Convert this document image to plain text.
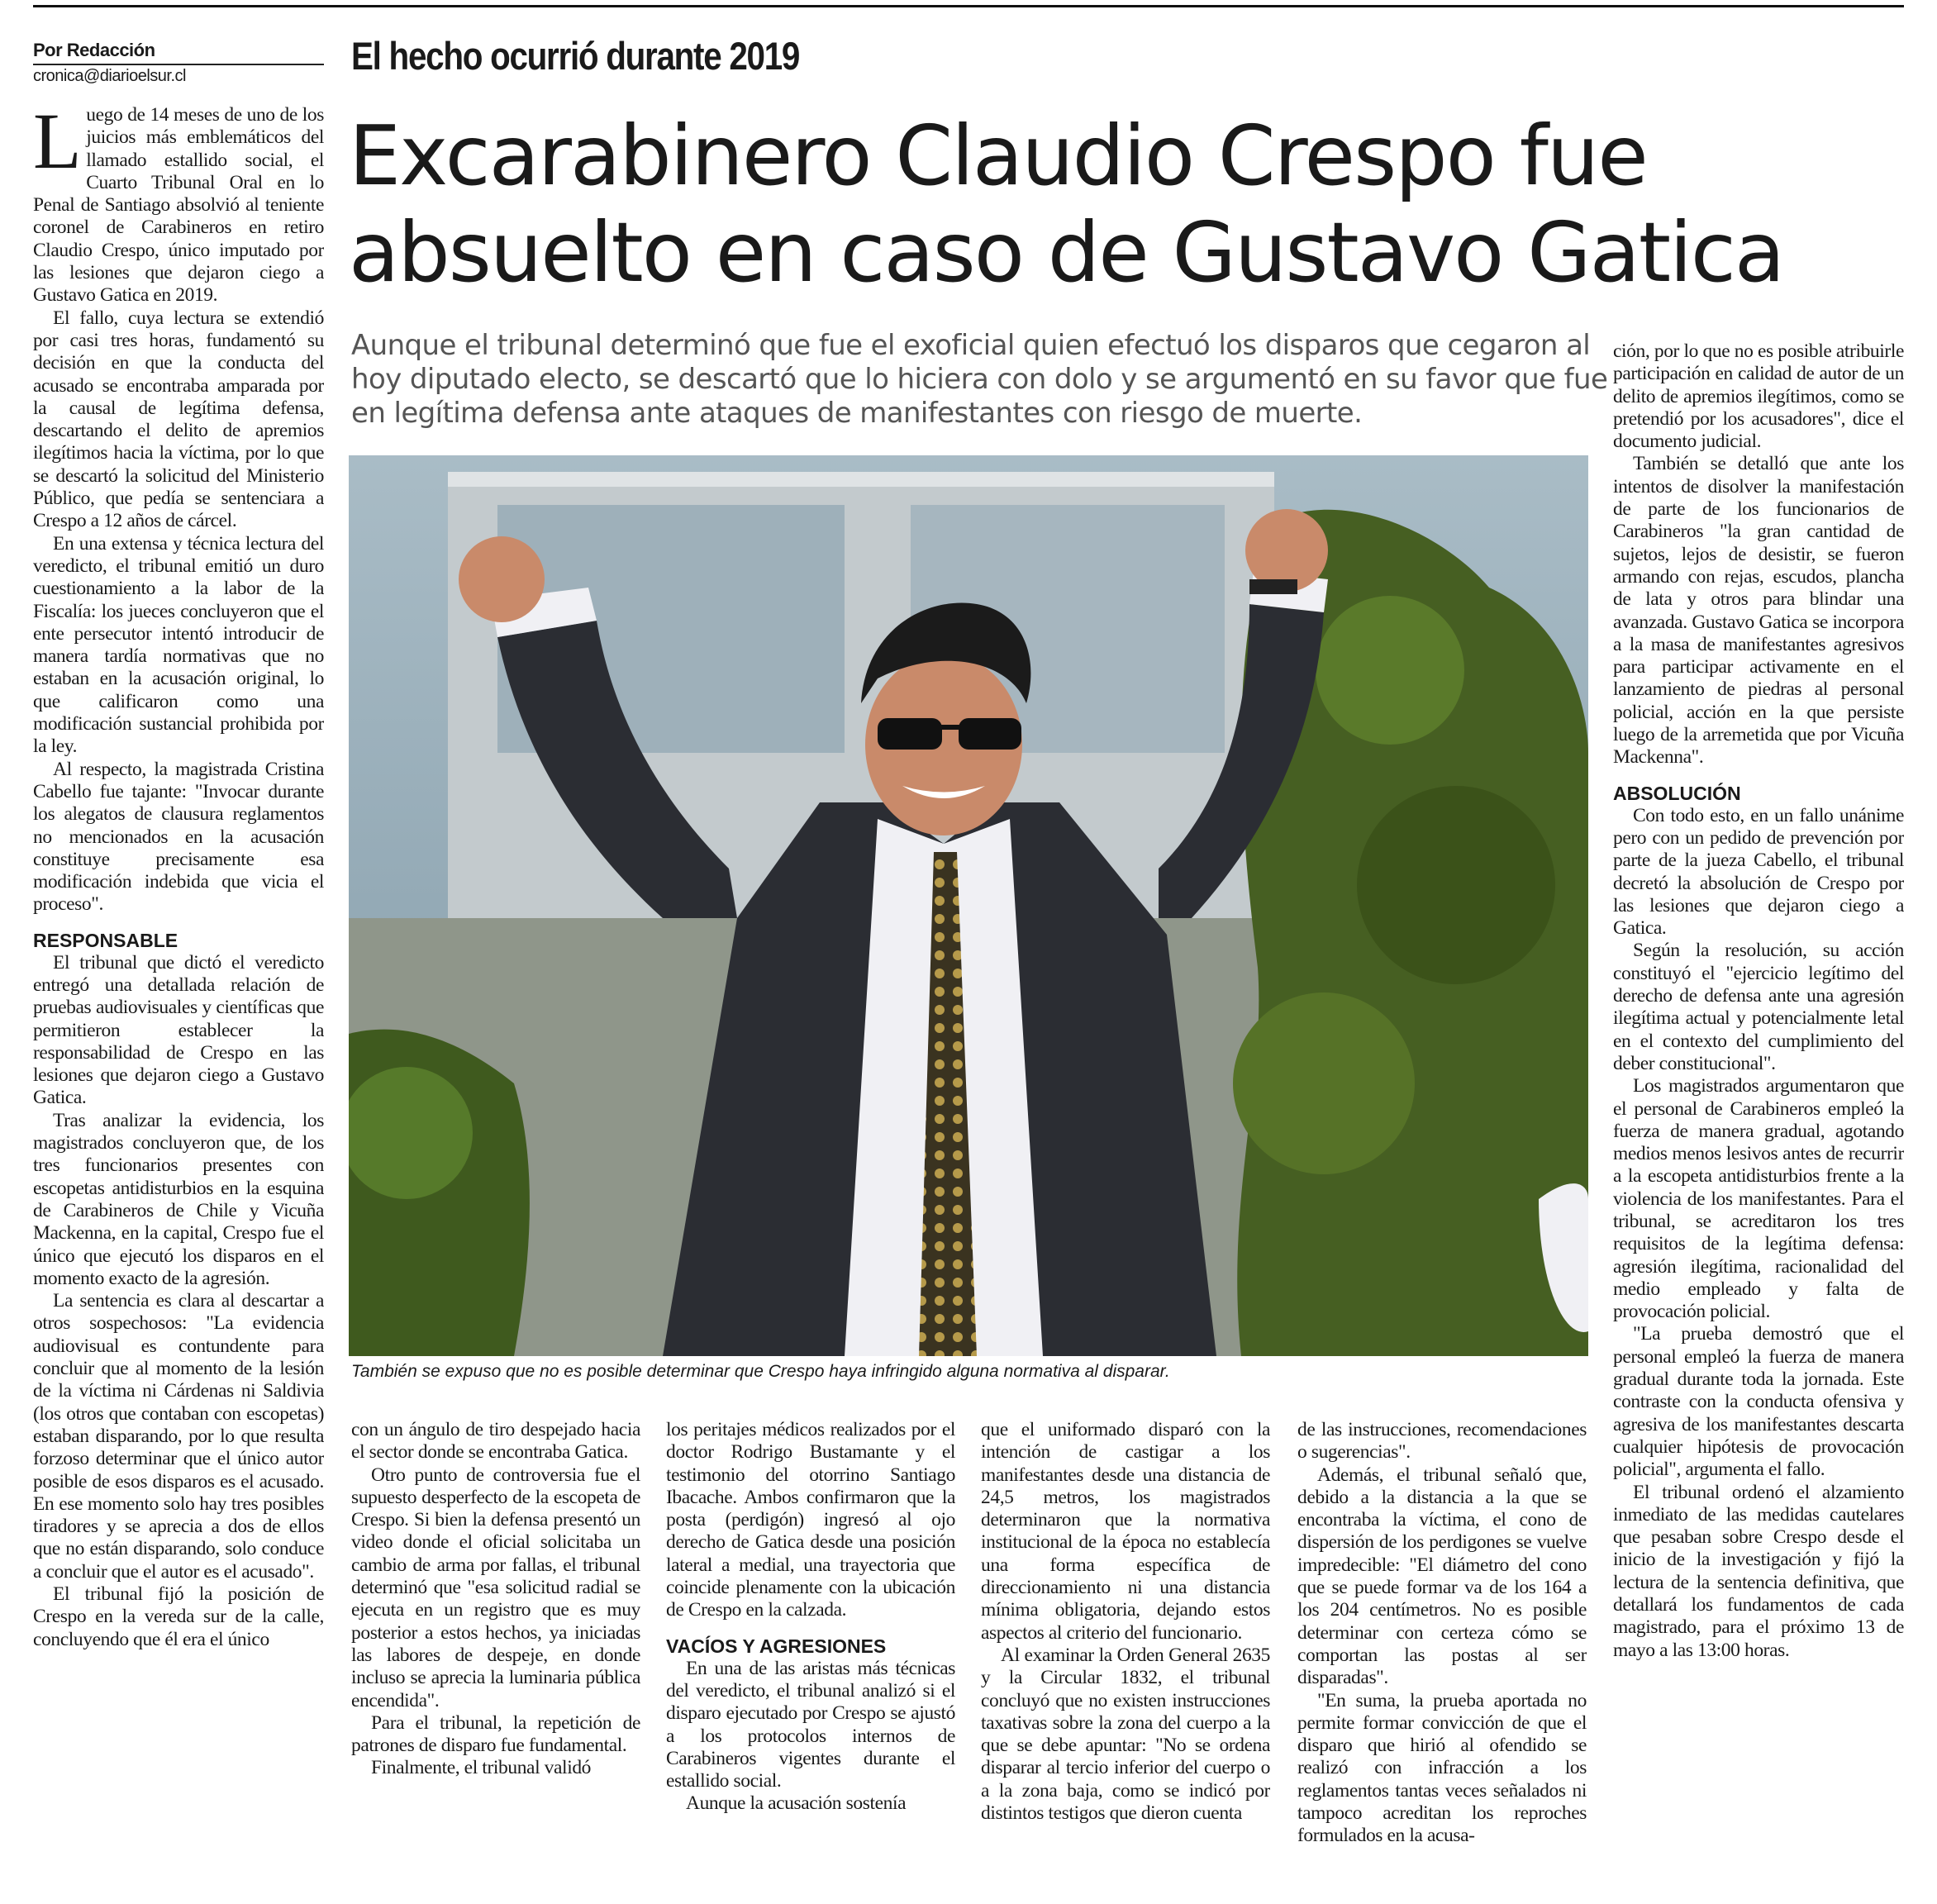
Por Redacción
cronica@diarioelsur.cl	El hecho ocurrió durante 2019
Excarabinero Claudio Crespo fue
absuelto en caso de Gustavo Gatica
Aunque el tribunal determinó que fue el exoficial quien efectuó los disparos que cegaron al
hoy diputado electo, se descartó que lo hiciera con dolo y se argumentó en su favor que fue
en legítima defensa ante ataques de manifestantes con riesgo de muerte.
También se expuso que no es posible determinar que Crespo haya infringido alguna normativa al disparar.

Luego de 14 meses de uno de los juicios más emblemáticos del llamado estallido social, el Cuarto Tribunal Oral en lo Penal de Santiago absolvió al teniente coronel de Carabineros en retiro Claudio Crespo, único imputado por las lesiones que dejaron ciego a Gustavo Gatica en 2019.

El fallo, cuya lectura se extendió por casi tres horas, fundamentó su decisión en que la conducta del acusado se encontraba amparada por la causal de legítima defensa, descartando el delito de apremios ilegítimos hacia la víctima, por lo que se descartó la solicitud del Ministerio Público, que pedía se sentenciara a Crespo a 12 años de cárcel.

En una extensa y técnica lectura del veredicto, el tribunal emitió un duro cuestionamiento a la labor de la Fiscalía: los jueces concluyeron que el ente persecutor intentó introducir de manera tardía normativas que no estaban en la acusación original, lo que calificaron como una modificación sustancial prohibida por la ley.

Al respecto, la magistrada Cristina Cabello fue tajante: "Invocar durante los alegatos de clausura reglamentos no mencionados en la acusación constituye precisamente esa modificación indebida que vicia el proceso".

RESPONSABLE

El tribunal que dictó el veredicto entregó una detallada relación de pruebas audiovisuales y científicas que permitieron establecer la responsabilidad de Crespo en las lesiones que dejaron ciego a Gustavo Gatica.

Tras analizar la evidencia, los magistrados concluyeron que, de los tres funcionarios presentes con escopetas antidisturbios en la esquina de Carabineros de Chile y Vicuña Mackenna, en la capital, Crespo fue el único que ejecutó los disparos en el momento exacto de la agresión.

La sentencia es clara al descartar a otros sospechosos: "La evidencia audiovisual es contundente para concluir que al momento de la lesión de la víctima ni Cárdenas ni Saldivia (los otros que contaban con escopetas) estaban disparando, por lo que resulta forzoso determinar que el único autor posible de esos disparos es el acusado. En ese momento solo hay tres posibles tiradores y se aprecia a dos de ellos que no están disparando, solo conduce a concluir que el autor es el acusado".

El tribunal fijó la posición de Crespo en la vereda sur de la calle, concluyendo que él era el único

con un ángulo de tiro despejado hacia el sector donde se encontraba Gatica.

Otro punto de controversia fue el supuesto desperfecto de la escopeta de Crespo. Si bien la defensa presentó un video donde el oficial solicitaba un cambio de arma por fallas, el tribunal determinó que "esa solicitud radial se ejecuta en un registro que es muy posterior a estos hechos, ya iniciadas las labores de despeje, en donde incluso se aprecia la luminaria pública encendida".

Para el tribunal, la repetición de patrones de disparo fue fundamental.

Finalmente, el tribunal validó

los peritajes médicos realizados por el doctor Rodrigo Bustamante y el testimonio del otorrino Santiago Ibacache. Ambos confirmaron que la posta (perdigón) ingresó al ojo derecho de Gatica desde una posición lateral a medial, una trayectoria que coincide plenamente con la ubicación de Crespo en la calzada.

VACÍOS Y AGRESIONES

En una de las aristas más técnicas del veredicto, el tribunal analizó si el disparo ejecutado por Crespo se ajustó a los protocolos internos de Carabineros vigentes durante el estallido social.

Aunque la acusación sostenía

que el uniformado disparó con la intención de castigar a los manifestantes desde una distancia de 24,5 metros, los magistrados determinaron que la normativa institucional de la época no establecía una forma específica de direccionamiento ni una distancia mínima obligatoria, dejando estos aspectos al criterio del funcionario.

Al examinar la Orden General 2635 y la Circular 1832, el tribunal concluyó que no existen instrucciones taxativas sobre la zona del cuerpo a la que se debe apuntar: "No se ordena disparar al tercio inferior del cuerpo o a la zona baja, como se indicó por distintos testigos que dieron cuenta

de las instrucciones, recomendaciones o sugerencias".

Además, el tribunal señaló que, debido a la distancia a la que se encontraba la víctima, el cono de dispersión de los perdigones se vuelve impredecible: "El diámetro del cono que se puede formar va de los 164 a los 204 centímetros. No es posible determinar con certeza cómo se comportan las postas al ser disparadas".

"En suma, la prueba aportada no permite formar convicción de que el disparo que hirió al ofendido se realizó con infracción a los reglamentos tantas veces señalados ni tampoco acreditan los reproches formulados en la acusa-

ción, por lo que no es posible atribuirle participación en calidad de autor de un delito de apremios ilegítimos, como se pretendió por los acusadores", dice el documento judicial.

También se detalló que ante los intentos de disolver la manifestación de parte de los funcionarios de Carabineros "la gran cantidad de sujetos, lejos de desistir, se fueron armando con rejas, escudos, plancha de lata y otros para blindar una avanzada. Gustavo Gatica se incorpora a la masa de manifestantes agresivos para participar activamente en el lanzamiento de piedras al personal policial, acción en la que persiste luego de la arremetida que por Vicuña Mackenna".

ABSOLUCIÓN

Con todo esto, en un fallo unánime pero con un pedido de prevención por parte de la jueza Cabello, el tribunal decretó la absolución de Crespo por las lesiones que dejaron ciego a Gatica.

Según la resolución, su acción constituyó el "ejercicio legítimo del derecho de defensa ante una agresión ilegítima actual y potencialmente letal en el contexto del cumplimiento del deber constitucional".

Los magistrados argumentaron que el personal de Carabineros empleó la fuerza de manera gradual, agotando medios menos lesivos antes de recurrir a la escopeta antidisturbios frente a la violencia de los manifestantes. Para el tribunal, se acreditaron los tres requisitos de la legítima defensa: agresión ilegítima, racionalidad del medio empleado y falta de provocación policial.

"La prueba demostró que el personal empleó la fuerza de manera gradual durante toda la jornada. Este contraste con la conducta ofensiva y agresiva de los manifestantes descarta cualquier hipótesis de provocación policial", argumenta el fallo.

El tribunal ordenó el alzamiento inmediato de las medidas cautelares que pesaban sobre Crespo desde el inicio de la investigación y fijó la lectura de la sentencia definitiva, que detallará los fundamentos de cada magistrado, para el próximo 13 de mayo a las 13:00 horas.
